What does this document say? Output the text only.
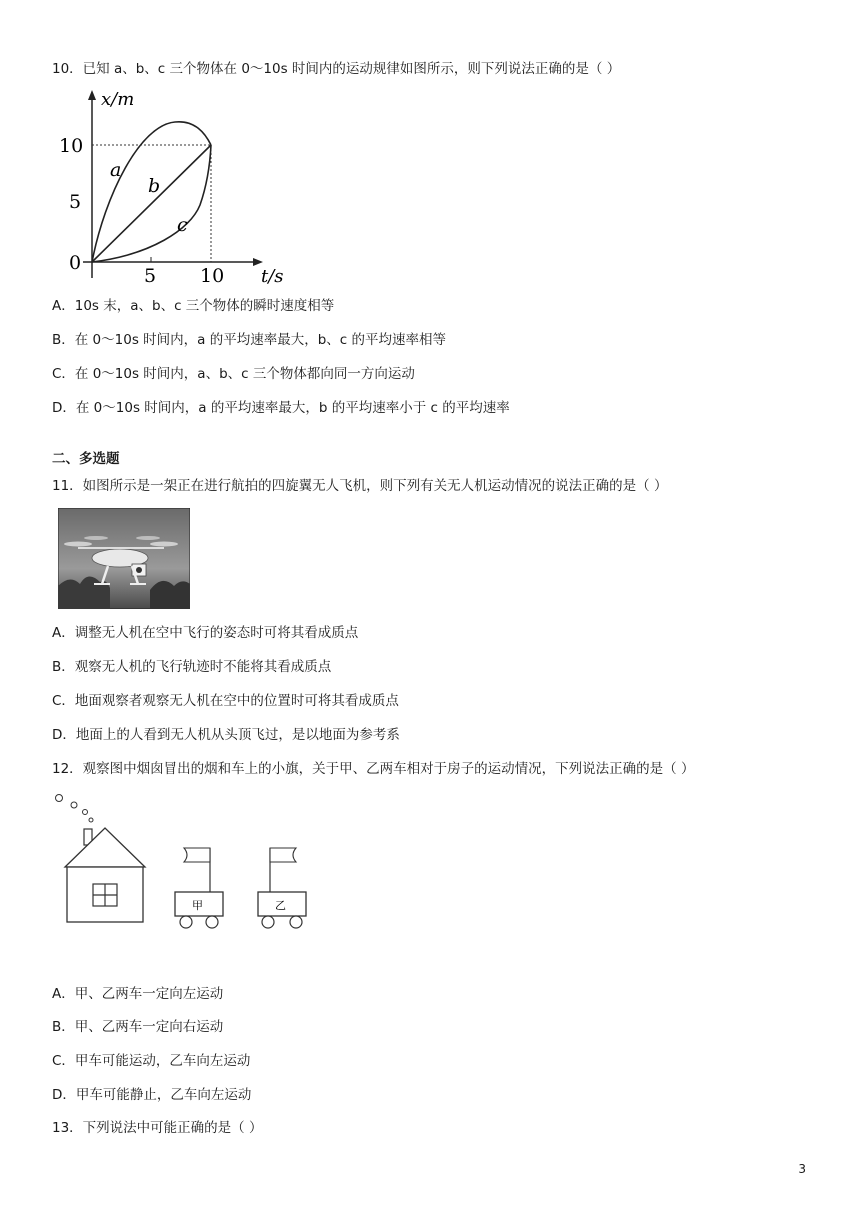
10．已知 a、b、c 三个物体在 0～10s 时间内的运动规律如图所示，则下列说法正确的是（ ）
x/m
t/s
10
5
0
5 10
a
b
c
A．10s 末，a、b、c 三个物体的瞬时速度相等
B．在 0～10s 时间内，a 的平均速率最大，b、c 的平均速率相等
C．在 0～10s 时间内，a、b、c 三个物体都向同一方向运动
D．在 0～10s 时间内，a 的平均速率最大，b 的平均速率小于 c 的平均速率
二、多选题
11．如图所示是一架正在进行航拍的四旋翼无人飞机，则下列有关无人机运动情况的说法正确的是（ ）
A．调整无人机在空中飞行的姿态时可将其看成质点
B．观察无人机的飞行轨迹时不能将其看成质点
C．地面观察者观察无人机在空中的位置时可将其看成质点
D．地面上的人看到无人机从头顶飞过，是以地面为参考系
12．观察图中烟囱冒出的烟和车上的小旗，关于甲、乙两车相对于房子的运动情况，下列说法正确的是（ ）
甲	乙
A．甲、乙两车一定向左运动
B．甲、乙两车一定向右运动
C．甲车可能运动，乙车向左运动
D．甲车可能静止，乙车向左运动
13．下列说法中可能正确的是（ ）
3
